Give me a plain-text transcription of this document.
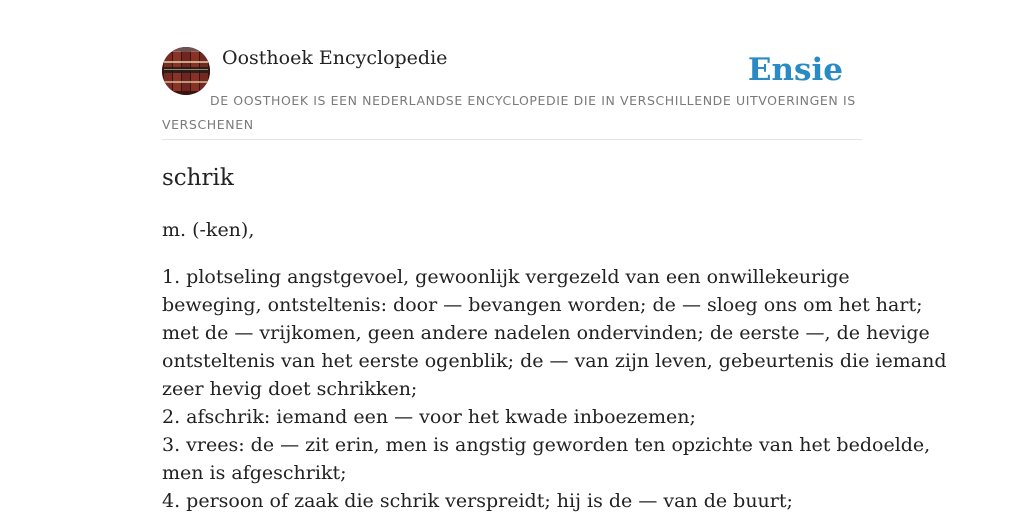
Oosthoek Encyclopedie	Ensie

DE OOSTHOEK IS EEN NEDERLANDSE ENCYCLOPEDIE DIE IN VERSCHILLENDE UITVOERINGEN IS VERSCHENEN

schrik

m. (-ken),

1. plotseling angstgevoel, gewoonlijk vergezeld van een onwillekeurige
beweging, ontsteltenis: door — bevangen worden; de — sloeg ons om het hart;
met de — vrijkomen, geen andere nadelen ondervinden; de eerste —, de hevige
ontsteltenis van het eerste ogenblik; de — van zijn leven, gebeurtenis die iemand
zeer hevig doet schrikken;
2. afschrik: iemand een — voor het kwade inboezemen;
3. vrees: de — zit erin, men is angstig geworden ten opzichte van het bedoelde,
men is afgeschrikt;
4. persoon of zaak die schrik verspreidt; hij is de — van de buurt;
